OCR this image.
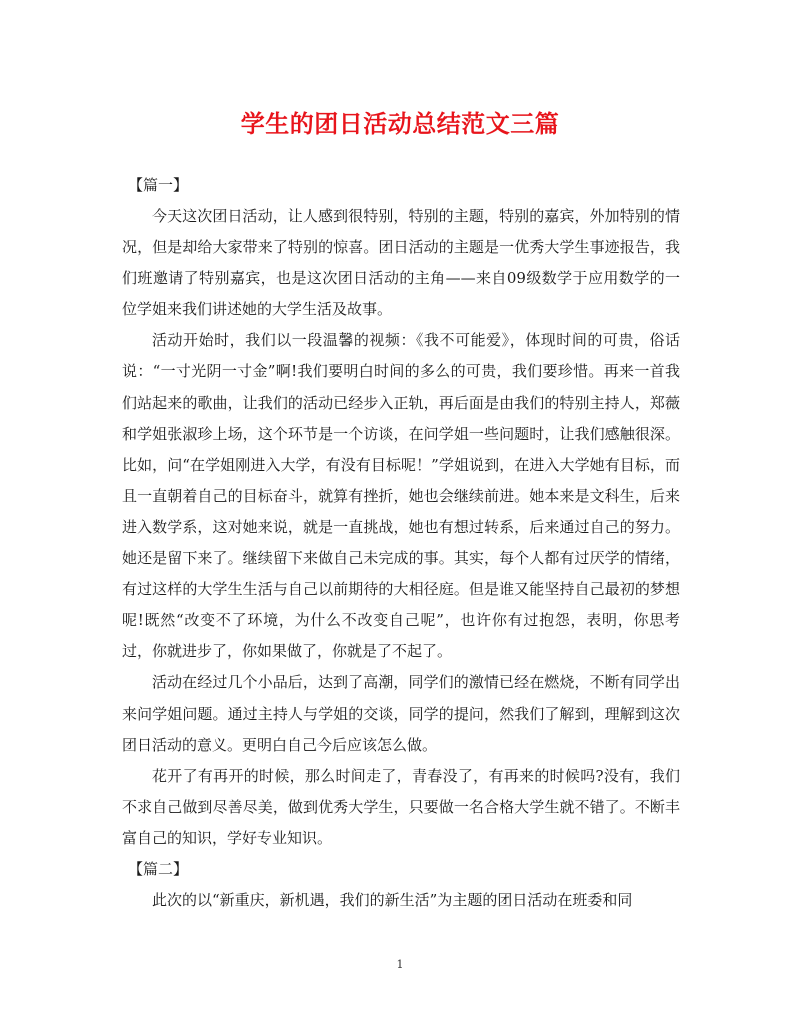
学生的团日活动总结范文三篇

【篇一】

今天这次团日活动，让人感到很特别，特别的主题，特别的嘉宾，外加特别的情况，但是却给大家带来了特别的惊喜。团日活动的主题是一优秀大学生事迹报告，我们班邀请了特别嘉宾，也是这次团日活动的主角——来自09级数学于应用数学的一位学姐来我们讲述她的大学生活及故事。

活动开始时，我们以一段温馨的视频：《我不可能爱》，体现时间的可贵，俗话说：“一寸光阴一寸金”啊!我们要明白时间的多么的可贵，我们要珍惜。再来一首我们站起来的歌曲，让我们的活动已经步入正轨，再后面是由我们的特别主持人，郑薇和学姐张淑珍上场，这个环节是一个访谈，在问学姐一些问题时，让我们感触很深。比如，问“在学姐刚进入大学，有没有目标呢！”学姐说到，在进入大学她有目标，而且一直朝着自己的目标奋斗，就算有挫折，她也会继续前进。她本来是文科生，后来进入数学系，这对她来说，就是一直挑战，她也有想过转系，后来通过自己的努力。她还是留下来了。继续留下来做自己未完成的事。其实，每个人都有过厌学的情绪，有过这样的大学生生活与自己以前期待的大相径庭。但是谁又能坚持自己最初的梦想呢!既然“改变不了环境，为什么不改变自己呢”，也许你有过抱怨，表明，你思考过，你就进步了，你如果做了，你就是了不起了。

活动在经过几个小品后，达到了高潮，同学们的激情已经在燃烧，不断有同学出来问学姐问题。通过主持人与学姐的交谈，同学的提问，然我们了解到，理解到这次团日活动的意义。更明白自己今后应该怎么做。

花开了有再开的时候，那么时间走了，青春没了，有再来的时候吗?没有，我们不求自己做到尽善尽美，做到优秀大学生，只要做一名合格大学生就不错了。不断丰富自己的知识，学好专业知识。

【篇二】

此次的以“新重庆，新机遇，我们的新生活”为主题的团日活动在班委和同

1
